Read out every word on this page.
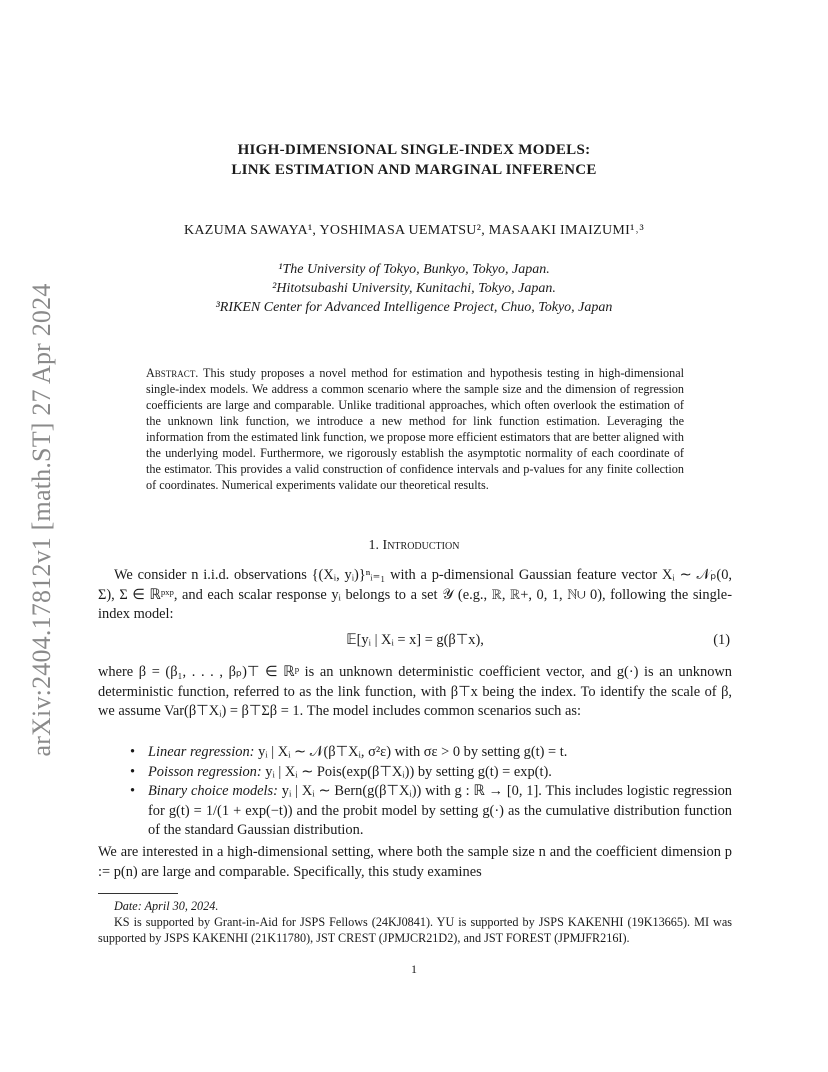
arXiv:2404.17812v1 [math.ST] 27 Apr 2024
HIGH-DIMENSIONAL SINGLE-INDEX MODELS:
LINK ESTIMATION AND MARGINAL INFERENCE
KAZUMA SAWAYA¹, YOSHIMASA UEMATSU², MASAAKI IMAIZUMI¹˒³
¹The University of Tokyo, Bunkyo, Tokyo, Japan.
²Hitotsubashi University, Kunitachi, Tokyo, Japan.
³RIKEN Center for Advanced Intelligence Project, Chuo, Tokyo, Japan
Abstract. This study proposes a novel method for estimation and hypothesis testing in high-dimensional single-index models. We address a common scenario where the sample size and the dimension of regression coefficients are large and comparable. Unlike traditional approaches, which often overlook the estimation of the unknown link function, we introduce a new method for link function estimation. Leveraging the information from the estimated link function, we propose more efficient estimators that are better aligned with the underlying model. Furthermore, we rigorously establish the asymptotic normality of each coordinate of the estimator. This provides a valid construction of confidence intervals and p-values for any finite collection of coordinates. Numerical experiments validate our theoretical results.
1. Introduction
We consider n i.i.d. observations {(Xᵢ, yᵢ)}ⁿᵢ₌₁ with a p-dimensional Gaussian feature vector Xᵢ ∼ 𝒩ₚ(0, Σ), Σ ∈ ℝᵖˣᵖ, and each scalar response yᵢ belongs to a set 𝒴 (e.g., ℝ, ℝ+, 0, 1, ℕ∪ 0), following the single-index model:
𝔼[yᵢ | Xᵢ = x] = g(β⊤x),	(1)
where β = (β₁, . . . , βₚ)⊤ ∈ ℝᵖ is an unknown deterministic coefficient vector, and g(·) is an unknown deterministic function, referred to as the link function, with β⊤x being the index. To identify the scale of β, we assume Var(β⊤Xᵢ) = β⊤Σβ = 1. The model includes common scenarios such as:
• Linear regression: yᵢ | Xᵢ ∼ 𝒩(β⊤Xᵢ, σ²ε) with σε > 0 by setting g(t) = t.
• Poisson regression: yᵢ | Xᵢ ∼ Pois(exp(β⊤Xᵢ)) by setting g(t) = exp(t).
• Binary choice models: yᵢ | Xᵢ ∼ Bern(g(β⊤Xᵢ)) with g : ℝ → [0, 1]. This includes logistic regression for g(t) = 1/(1 + exp(−t)) and the probit model by setting g(·) as the cumulative distribution function of the standard Gaussian distribution.
We are interested in a high-dimensional setting, where both the sample size n and the coefficient dimension p := p(n) are large and comparable. Specifically, this study examines
Date: April 30, 2024.
KS is supported by Grant-in-Aid for JSPS Fellows (24KJ0841). YU is supported by JSPS KAKENHI (19K13665). MI was supported by JSPS KAKENHI (21K11780), JST CREST (JPMJCR21D2), and JST FOREST (JPMJFR216I).
1
